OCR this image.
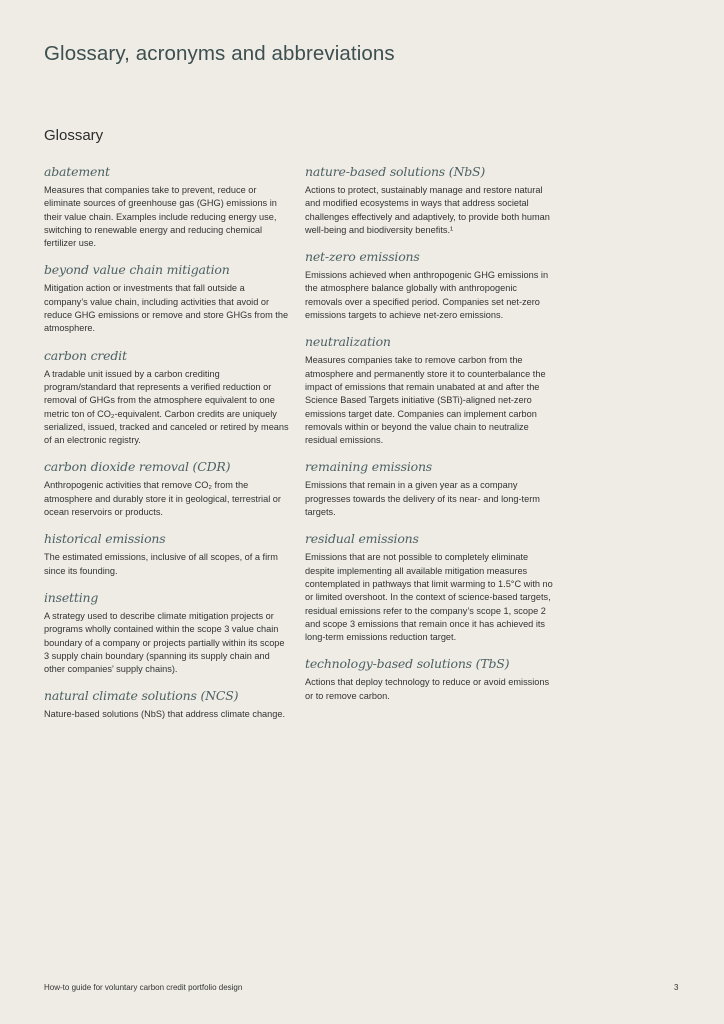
Glossary, acronyms and abbreviations
Glossary
abatement
Measures that companies take to prevent, reduce or eliminate sources of greenhouse gas (GHG) emissions in their value chain. Examples include reducing energy use, switching to renewable energy and reducing chemical fertilizer use.
beyond value chain mitigation
Mitigation action or investments that fall outside a company’s value chain, including activities that avoid or reduce GHG emissions or remove and store GHGs from the atmosphere.
carbon credit
A tradable unit issued by a carbon crediting program/standard that represents a verified reduction or removal of GHGs from the atmosphere equivalent to one metric ton of CO₂-equivalent. Carbon credits are uniquely serialized, issued, tracked and canceled or retired by means of an electronic registry.
carbon dioxide removal (CDR)
Anthropogenic activities that remove CO₂ from the atmosphere and durably store it in geological, terrestrial or ocean reservoirs or products.
historical emissions
The estimated emissions, inclusive of all scopes, of a firm since its founding.
insetting
A strategy used to describe climate mitigation projects or programs wholly contained within the scope 3 value chain boundary of a company or projects partially within its scope 3 supply chain boundary (spanning its supply chain and other companies’ supply chains).
natural climate solutions (NCS)
Nature-based solutions (NbS) that address climate change.
nature-based solutions (NbS)
Actions to protect, sustainably manage and restore natural and modified ecosystems in ways that address societal challenges effectively and adaptively, to provide both human well-being and biodiversity benefits.¹
net-zero emissions
Emissions achieved when anthropogenic GHG emissions in the atmosphere balance globally with anthropogenic removals over a specified period. Companies set net-zero emissions targets to achieve net-zero emissions.
neutralization
Measures companies take to remove carbon from the atmosphere and permanently store it to counterbalance the impact of emissions that remain unabated at and after the Science Based Targets initiative (SBTi)-aligned net-zero emissions target date. Companies can implement carbon removals within or beyond the value chain to neutralize residual emissions.
remaining emissions
Emissions that remain in a given year as a company progresses towards the delivery of its near- and long-term targets.
residual emissions
Emissions that are not possible to completely eliminate despite implementing all available mitigation measures contemplated in pathways that limit warming to 1.5°C with no or limited overshoot. In the context of science-based targets, residual emissions refer to the company’s scope 1, scope 2 and scope 3 emissions that remain once it has achieved its long-term emissions reduction target.
technology-based solutions (TbS)
Actions that deploy technology to reduce or avoid emissions or to remove carbon.
How-to guide for voluntary carbon credit portfolio design	3
